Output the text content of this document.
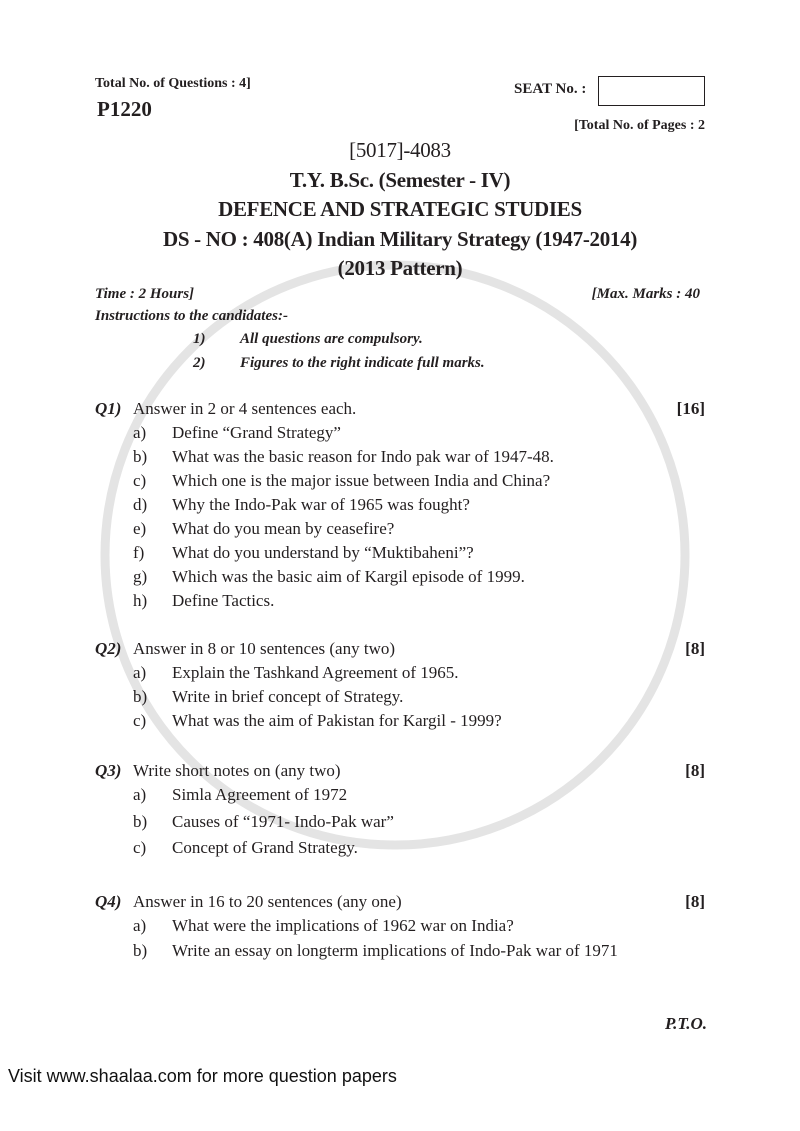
Total No. of Questions : 4]
P1220
SEAT No. :
[Total No. of Pages : 2
[5017]-4083
T.Y. B.Sc. (Semester - IV)
DEFENCE AND STRATEGIC STUDIES
DS - NO : 408(A) Indian Military Strategy (1947-2014)
(2013 Pattern)
Time : 2 Hours]	[Max. Marks : 40
Instructions to the candidates:-
1) All questions are compulsory.
2) Figures to the right indicate full marks.
Q1) Answer in 2 or 4 sentences each.	[16]
a) Define “Grand Strategy”
b) What was the basic reason for Indo pak war of 1947-48.
c) Which one is the major issue between India and China?
d) Why the Indo-Pak war of 1965 was fought?
e) What do you mean by ceasefire?
f) What do you understand by “Muktibaheni”?
g) Which was the basic aim of Kargil episode of 1999.
h) Define Tactics.
Q2) Answer in 8 or 10 sentences (any two)	[8]
a) Explain the Tashkand Agreement of 1965.
b) Write in brief concept of Strategy.
c) What was the aim of Pakistan for Kargil - 1999?
Q3) Write short notes on (any two)	[8]
a) Simla Agreement of 1972
b) Causes of “1971- Indo-Pak war”
c) Concept of Grand Strategy.
Q4) Answer in 16 to 20 sentences (any one)	[8]
a) What were the implications of 1962 war on India?
b) Write an essay on longterm implications of Indo-Pak war of 1971
P.T.O.
Visit www.shaalaa.com for more question papers
